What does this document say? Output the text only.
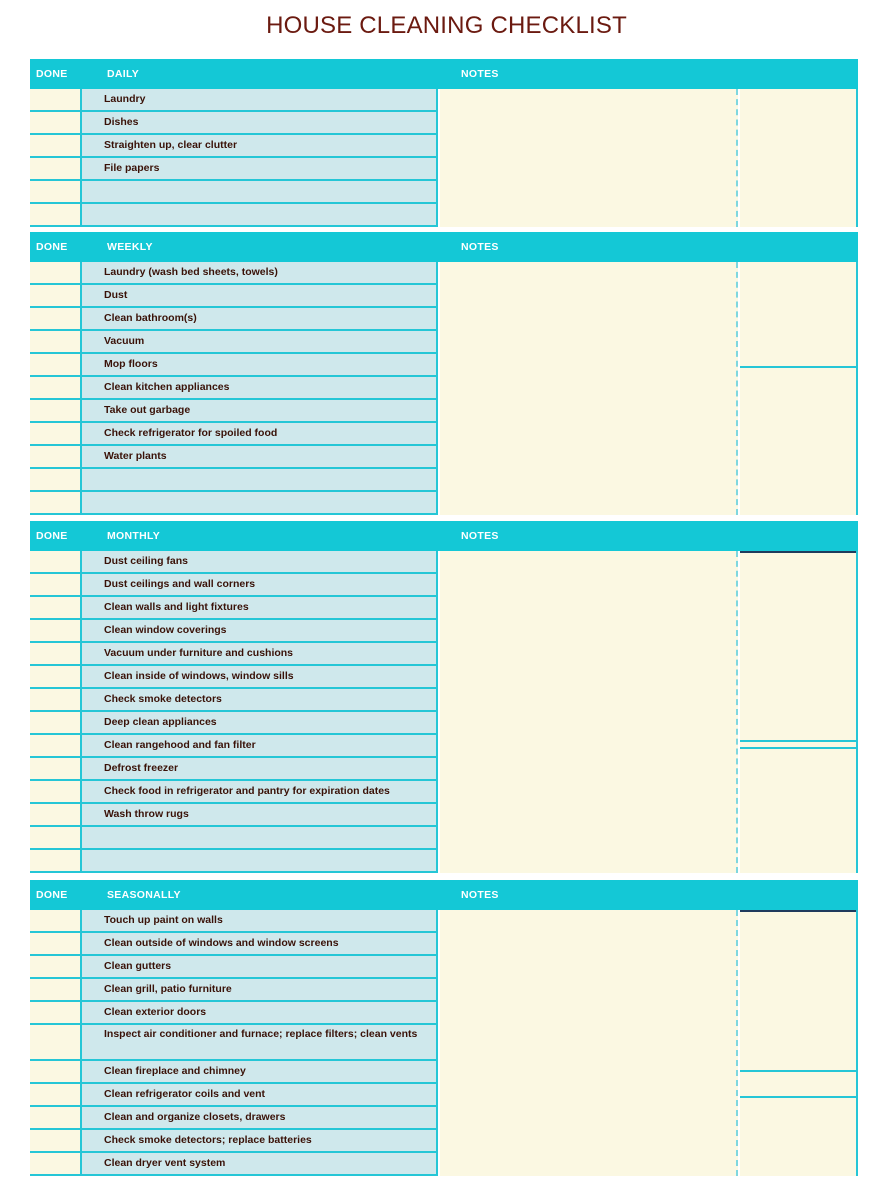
HOUSE CLEANING CHECKLIST
DONE	DAILY	NOTES
Laundry
Dishes
Straighten up, clear clutter
File papers
DONE	WEEKLY	NOTES
Laundry (wash bed sheets, towels)
Dust
Clean bathroom(s)
Vacuum
Mop floors
Clean kitchen appliances
Take out garbage
Check refrigerator for spoiled food
Water plants
DONE	MONTHLY	NOTES
Dust ceiling fans
Dust ceilings and wall corners
Clean walls and light fixtures
Clean window coverings
Vacuum under furniture and cushions
Clean inside of windows, window sills
Check smoke detectors
Deep clean appliances
Clean rangehood and fan filter
Defrost freezer
Check food in refrigerator and pantry for expiration dates
Wash throw rugs
DONE	SEASONALLY	NOTES
Touch up paint on walls
Clean outside of windows and window screens
Clean gutters
Clean grill, patio furniture
Clean exterior doors
Inspect air conditioner and furnace; replace filters; clean vents
Clean fireplace and chimney
Clean refrigerator coils and vent
Clean and organize closets, drawers
Check smoke detectors; replace batteries
Clean dryer vent system
